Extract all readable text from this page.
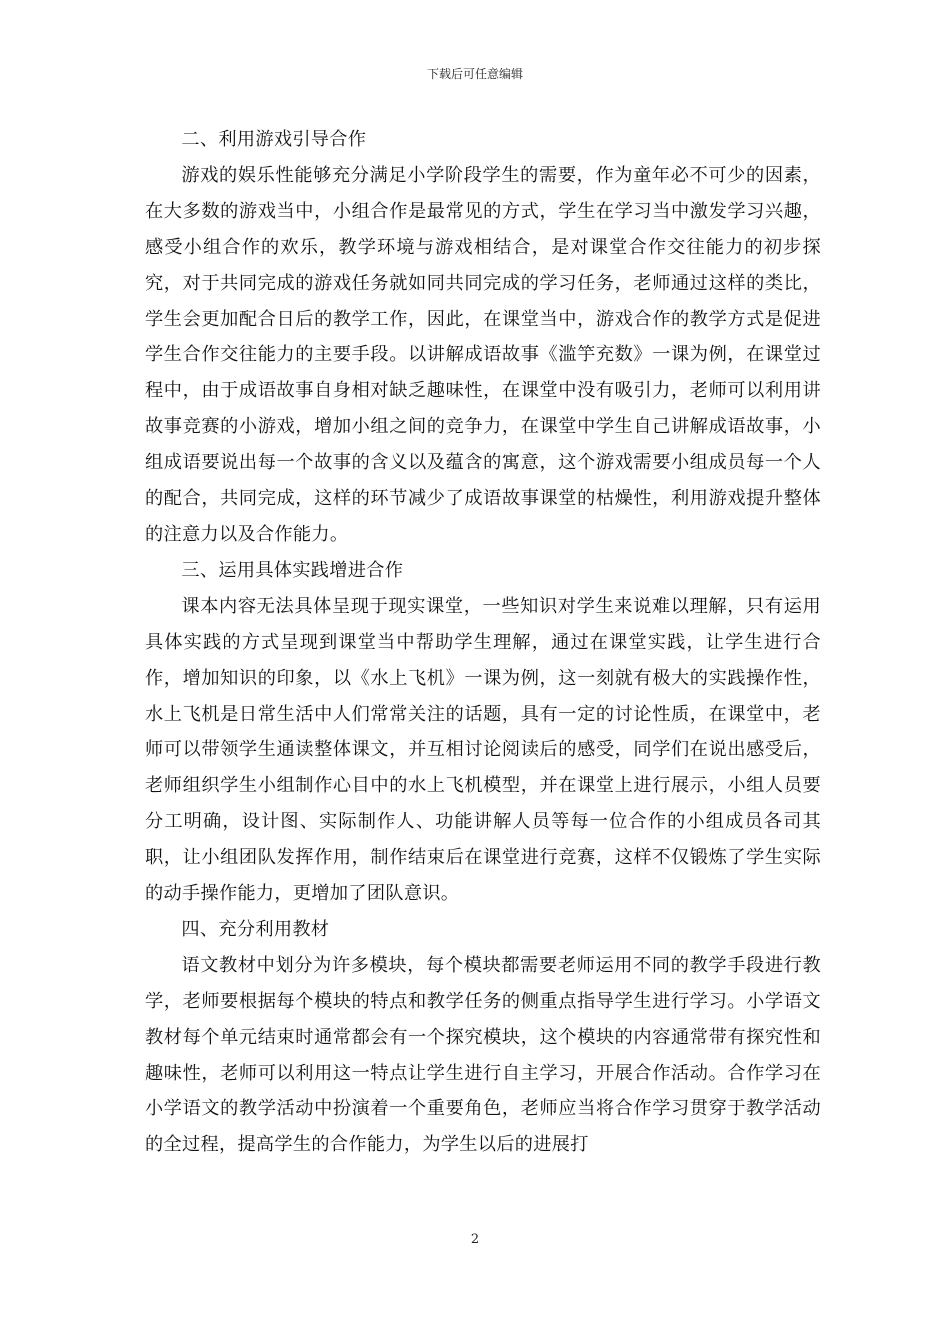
下载后可任意编辑

二、利用游戏引导合作

游戏的娱乐性能够充分满足小学阶段学生的需要，作为童年必不可少的因素，在大多数的游戏当中，小组合作是最常见的方式，学生在学习当中激发学习兴趣，感受小组合作的欢乐，教学环境与游戏相结合，是对课堂合作交往能力的初步探究，对于共同完成的游戏任务就如同共同完成的学习任务，老师通过这样的类比，学生会更加配合日后的教学工作，因此，在课堂当中，游戏合作的教学方式是促进学生合作交往能力的主要手段。以讲解成语故事《滥竽充数》一课为例，在课堂过程中，由于成语故事自身相对缺乏趣味性，在课堂中没有吸引力，老师可以利用讲故事竞赛的小游戏，增加小组之间的竞争力，在课堂中学生自己讲解成语故事，小组成语要说出每一个故事的含义以及蕴含的寓意，这个游戏需要小组成员每一个人的配合，共同完成，这样的环节减少了成语故事课堂的枯燥性，利用游戏提升整体的注意力以及合作能力。

三、运用具体实践增进合作

课本内容无法具体呈现于现实课堂，一些知识对学生来说难以理解，只有运用具体实践的方式呈现到课堂当中帮助学生理解，通过在课堂实践，让学生进行合作，增加知识的印象，以《水上飞机》一课为例，这一刻就有极大的实践操作性，水上飞机是日常生活中人们常常关注的话题，具有一定的讨论性质，在课堂中，老师可以带领学生通读整体课文，并互相讨论阅读后的感受，同学们在说出感受后，老师组织学生小组制作心目中的水上飞机模型，并在课堂上进行展示，小组人员要分工明确，设计图、实际制作人、功能讲解人员等每一位合作的小组成员各司其职，让小组团队发挥作用，制作结束后在课堂进行竞赛，这样不仅锻炼了学生实际的动手操作能力，更增加了团队意识。

四、充分利用教材

语文教材中划分为许多模块，每个模块都需要老师运用不同的教学手段进行教学，老师要根据每个模块的特点和教学任务的侧重点指导学生进行学习。小学语文教材每个单元结束时通常都会有一个探究模块，这个模块的内容通常带有探究性和趣味性，老师可以利用这一特点让学生进行自主学习，开展合作活动。合作学习在小学语文的教学活动中扮演着一个重要角色，老师应当将合作学习贯穿于教学活动的全过程，提高学生的合作能力，为学生以后的进展打

2
